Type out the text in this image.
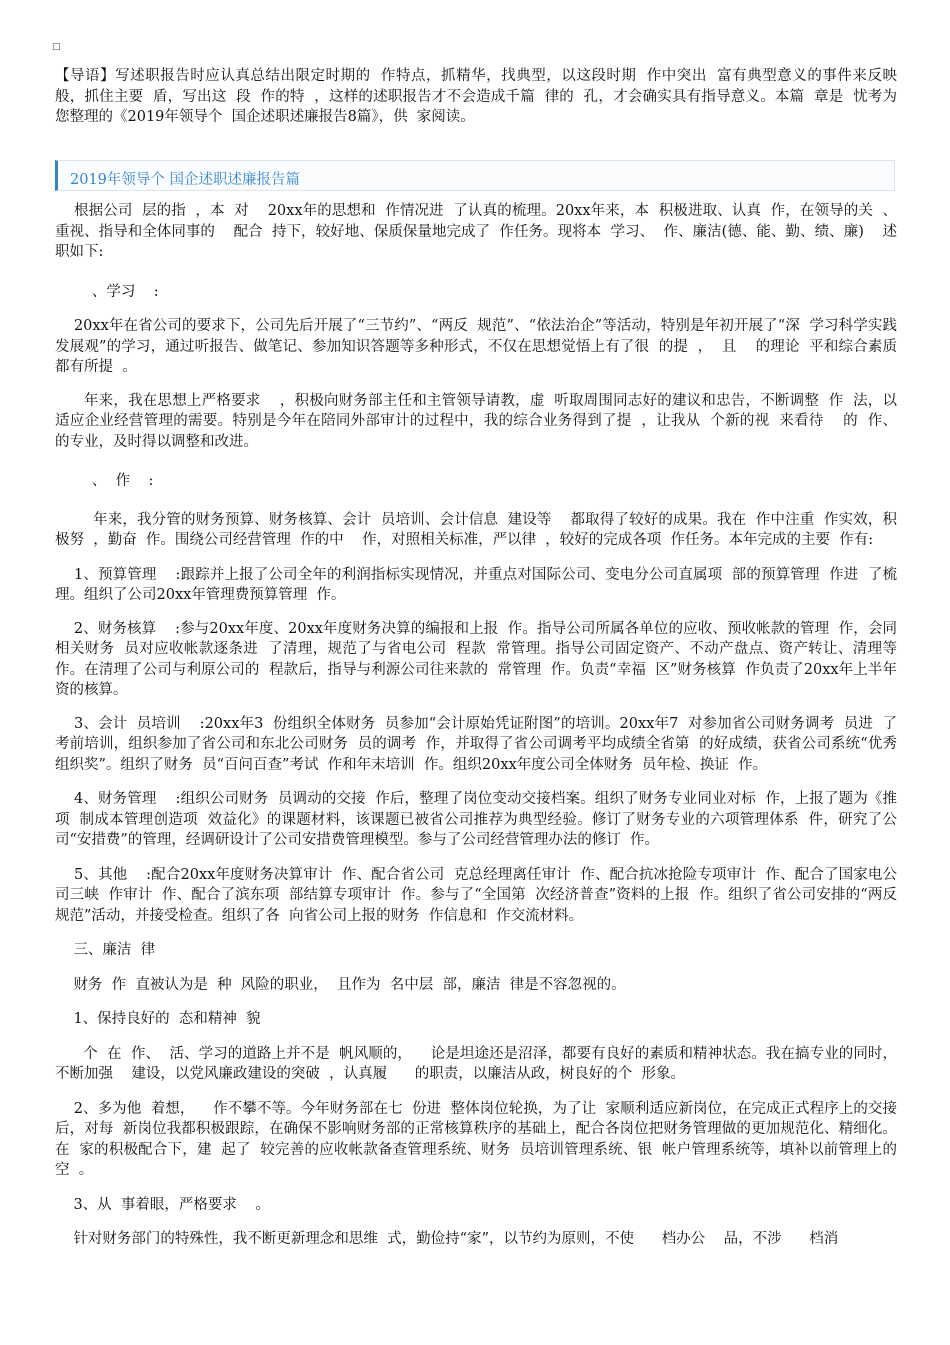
□

【导语】写述职报告时应认真总结出限定时期的  作特点，抓精华，找典型，以这段时期  作中突出  富有典型意义的事件来反映  般，抓住主要  盾，写出这  段  作的特  ，这样的述职报告才不会造成千篇  律的  孔，才会确实具有指导意义。本篇  章是  忧考为您整理的《2019年领导个  国企述职述廉报告8篇》，供  家阅读。

2019年领导个 国企述职述廉报告篇

根据公司  层的指  ，本  对    20xx年的思想和  作情况进  了认真的梳理。20xx年来，本  积极进取、认真  作，在领导的关  、重视、指导和全体同事的    配合  持下，较好地、保质保量地完成了  作任务。现将本  学习、  作、廉洁(德、能、勤、绩、廉)    述职如下:

、学习    :

20xx年在省公司的要求下，公司先后开展了“三节约”、“两反  规范”、“依法治企”等活动，特别是年初开展了“深  学习科学实践发展观”的学习，通过听报告、做笔记、参加知识答题等多种形式，不仅在思想觉悟上有了很  的提  ，  且    的理论  平和综合素质都有所提  。

年来，我在思想上严格要求    ，积极向财务部主任和主管领导请教，虚  听取周围同志好的建议和忠告，不断调整  作  法，以适应企业经营管理的需要。特别是今年在陪同外部审计的过程中，我的综合业务得到了提  ，让我从  个新的视  来看待    的  作、    的专业，及时得以调整和改进。

、  作    :

年来，我分管的财务预算、财务核算、会计  员培训、会计信息  建设等    都取得了较好的成果。我在  作中注重  作实效，积极努  ，勤奋  作。围绕公司经营管理  作的中    作，对照相关标准，严以律  ，较好的完成各项  作任务。本年完成的主要  作有:

1、预算管理    :跟踪并上报了公司全年的利润指标实现情况，并重点对国际公司、变电分公司直属项  部的预算管理  作进  了梳理。组织了公司20xx年管理费预算管理  作。

2、财务核算    :参与20xx年度、20xx年度财务决算的编报和上报  作。指导公司所属各单位的应收、预收帐款的管理  作，会同相关财务  员对应收帐款逐条进  了清理，规范了与省电公司  程款  常管理。指导公司固定资产、不动产盘点、资产转让、清理等  作。在清理了公司与利原公司的  程款后，指导与利源公司往来款的  常管理  作。负责“幸福  区”财务核算  作负责了20xx年上半年  资的核算。

3、会计  员培训    :20xx年3  份组织全体财务  员参加“会计原始凭证附图”的培训。20xx年7  对参加省公司财务调考  员进  了考前培训，组织参加了省公司和东北公司财务  员的调考  作，并取得了省公司调考平均成绩全省第  的好成绩，获省公司系统“优秀组织奖”。组织了财务  员“百问百查”考试  作和年末培训  作。组织20xx年度公司全体财务  员年检、换证  作。

4、财务管理    :组织公司财务  员调动的交接  作后，整理了岗位变动交接档案。组织了财务专业同业对标  作，上报了题为《推  项  制成本管理创造项  效益化》的课题材料，该课题已被省公司推荐为典型经验。修订了财务专业的六项管理体系  件，研究了公司“安措费”的管理，经调研设计了公司安措费管理模型。参与了公司经营管理办法的修订  作。

5、其他    :配合20xx年度财务决算审计  作、配合省公司  克总经理离任审计  作、配合抗冰抢险专项审计  作、配合了国家电公司三峡  作审计  作、配合了滨东项  部结算专项审计  作。参与了“全国第  次经济普查”资料的上报  作。组织了省公司安排的“两反  规范”活动，并接受检查。组织了各  向省公司上报的财务  作信息和  作交流材料。

三、廉洁  律

财务  作  直被认为是  种  风险的职业，  且作为  名中层  部，廉洁  律是不容忽视的。

1、保持良好的  态和精神  貌

个  在  作、  活、学习的道路上并不是  帆风顺的，    论是坦途还是沼泽，都要有良好的素质和精神状态。我在搞专业的同时，不断加强    建设，以党风廉政建设的突破  ，认真履      的职责，以廉洁从政，树良好的个  形象。

2、多为他  着想，    作不攀不等。今年财务部在七  份进  整体岗位轮换，为了让  家顺利适应新岗位，在完成正式程序上的交接后，对每  新岗位我都积极跟踪，在确保不影响财务部的正常核算秩序的基础上，配合各岗位把财务管理做的更加规范化、精细化。在  家的积极配合下，建  起了  较完善的应收帐款备查管理系统、财务  员培训管理系统、银  帐户管理系统等，填补以前管理上的空  。

3、从  事着眼，严格要求    。

针对财务部门的特殊性，我不断更新理念和思维  式，勤俭持“家”，以节约为原则，不使      档办公    品，不涉      档消
